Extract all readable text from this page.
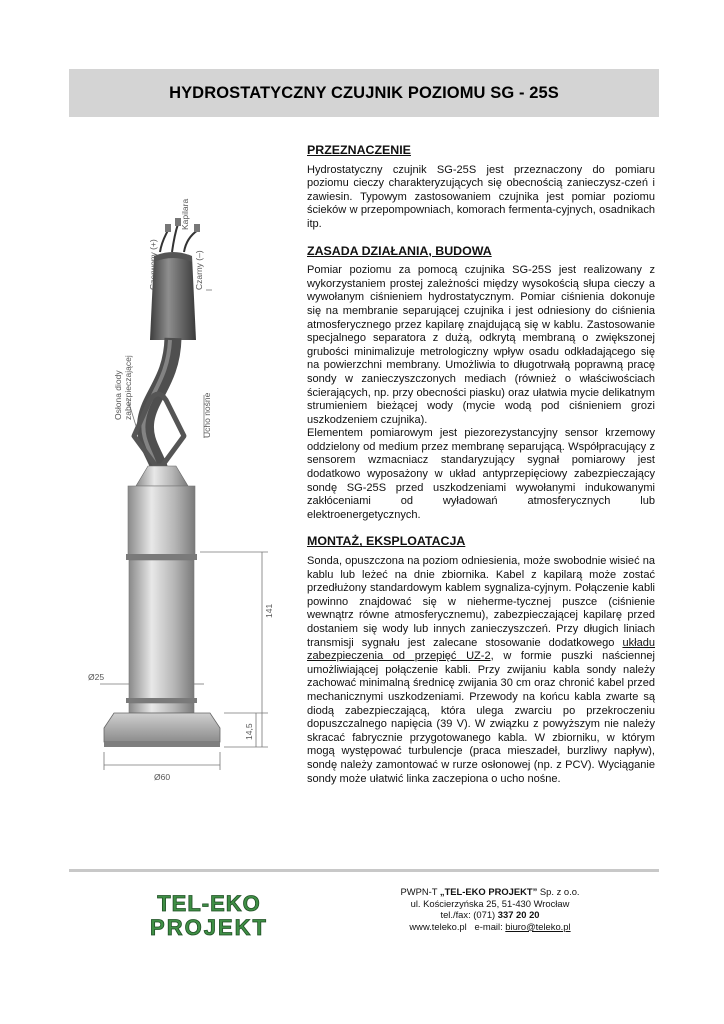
HYDROSTATYCZNY CZUJNIK POZIOMU SG - 25S
Kapilara
Czerwony (+)	Czarny (–)
Osłona diody zabezpieczającej	Ucho nośne
Ø25
Ø60
141
14,5
PRZEZNACZENIE

Hydrostatyczny czujnik SG-25S jest przeznaczony do pomiaru poziomu cieczy charakteryzujących się obecnością zanieczysz-czeń i zawiesin. Typowym zastosowaniem czujnika jest pomiar poziomu ścieków w przepompowniach, komorach fermenta-cyjnych, osadnikach itp.

ZASADA DZIAŁANIA, BUDOWA

Pomiar poziomu za pomocą czujnika SG-25S jest realizowany z wykorzystaniem prostej zależności między wysokością słupa cieczy a wywołanym ciśnieniem hydrostatycznym. Pomiar ciśnienia dokonuje się na membranie separującej czujnika i jest odniesiony do ciśnienia atmosferycznego przez kapilarę znajdującą się w kablu. Zastosowanie specjalnego separatora z dużą, odkrytą membraną o zwiększonej grubości minimalizuje metrologiczny wpływ osadu odkładającego się na powierzchni membrany. Umożliwia to długotrwałą poprawną pracę sondy w zanieczyszczonych mediach (również o właściwościach ścierających, np. przy obecności piasku) oraz ułatwia mycie delikatnym strumieniem bieżącej wody (mycie wodą pod ciśnieniem grozi uszkodzeniem czujnika).

Elementem pomiarowym jest piezorezystancyjny sensor krzemowy oddzielony od medium przez membranę separującą. Współpracujący z sensorem wzmacniacz standaryzujący sygnał pomiarowy jest dodatkowo wyposażony w układ antyprzepięciowy zabezpieczający sondę SG-25S przed uszkodzeniami wywołanymi indukowanymi zakłóceniami od wyładowań atmosferycznych lub elektroenergetycznych.

MONTAŻ, EKSPLOATACJA

Sonda, opuszczona na poziom odniesienia, może swobodnie wisieć na kablu lub leżeć na dnie zbiornika. Kabel z kapilarą może zostać przedłużony standardowym kablem sygnaliza-cyjnym. Połączenie kabli powinno znajdować się w nieherme-tycznej puszce (ciśnienie wewnątrz równe atmosferycznemu), zabezpieczającej kapilarę przed dostaniem się wody lub innych zanieczyszczeń. Przy długich liniach transmisji sygnału jest zalecane stosowanie dodatkowego układu zabezpieczenia od przepięć UZ-2, w formie puszki naściennej umożliwiającej połączenie kabli. Przy zwijaniu kabla sondy należy zachować minimalną średnicę zwijania 30 cm oraz chronić kabel przed mechanicznymi uszkodzeniami. Przewody na końcu kabla zwarte są diodą zabezpieczającą, która ulega zwarciu po przekroczeniu dopuszczalnego napięcia (39 V). W związku z powyższym nie należy skracać fabrycznie przygotowanego kabla. W zbiorniku, w którym mogą występować turbulencje (praca mieszadeł, burzliwy napływ), sondę należy zamontować w rurze osłonowej (np. z PCV). Wyciąganie sondy może ułatwić linka zaczepiona o ucho nośne.

TEL-EKO
PROJEKT
PWPN-T „TEL-EKO PROJEKT” Sp. z o.o.
ul. Kościerzyńska 25, 51-430 Wrocław
tel./fax: (071) 337 20 20
www.teleko.pl   e-mail: biuro@teleko.pl
